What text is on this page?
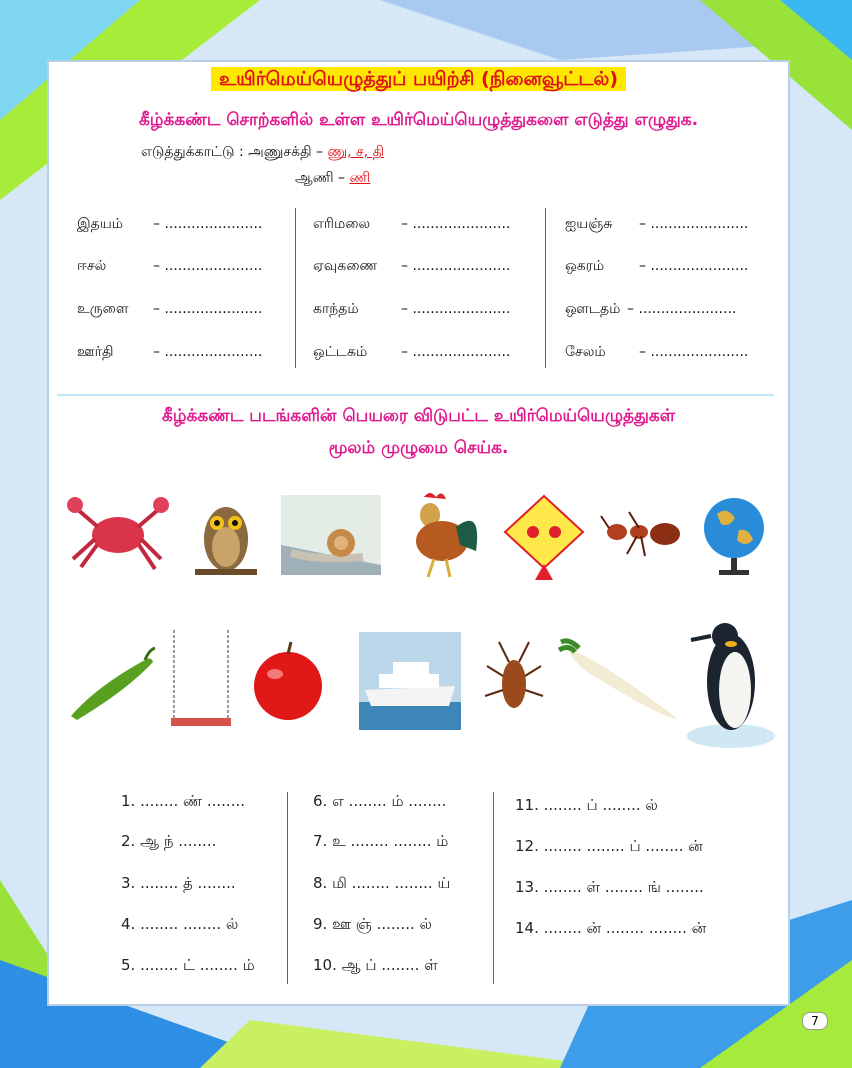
உயிர்மெய்யெழுத்துப் பயிற்சி (நினைவூட்டல்)
கீழ்க்கண்ட சொற்களில் உள்ள உயிர்மெய்யெழுத்துகளை எடுத்து எழுதுக.
எடுத்துக்காட்டு : அணுசக்தி – ணு, ச, தி
ஆணி – ணி
இதயம் – ......................
ஈசல்	– ......................
உருளை – ......................
ஊர்தி	– ......................
எரிமலை – ......................
ஏவுகணை – ......................
காந்தம்	– ......................
ஒட்டகம் – ......................
ஐயஞ்சு – ......................
ஒகரம் – ......................
ஔடதம் – ......................
சேலம் – ......................
கீழ்க்கண்ட படங்களின் பெயரை விடுபட்ட உயிர்மெய்யெழுத்துகள்
மூலம் முழுமை செய்க.
1. ........ ண் ........
2. ஆ ந் ........
3. ........ த் ........
4. ........ ........ ல்
5. ........ ட் ........ ம்
6. எ ........ ம் ........
7. உ ........ ........ ம்
8. மி ........ ........ ய்
9. ஊ ஞ் ........ ல்
10. ஆ ப் ........ ள்
11. ........ ப் ........ ல்
12. ........ ........ ப் ........ ன்
13. ........ ள் ........ ங் ........
14. ........ ன் ........ ........ ன்
7
